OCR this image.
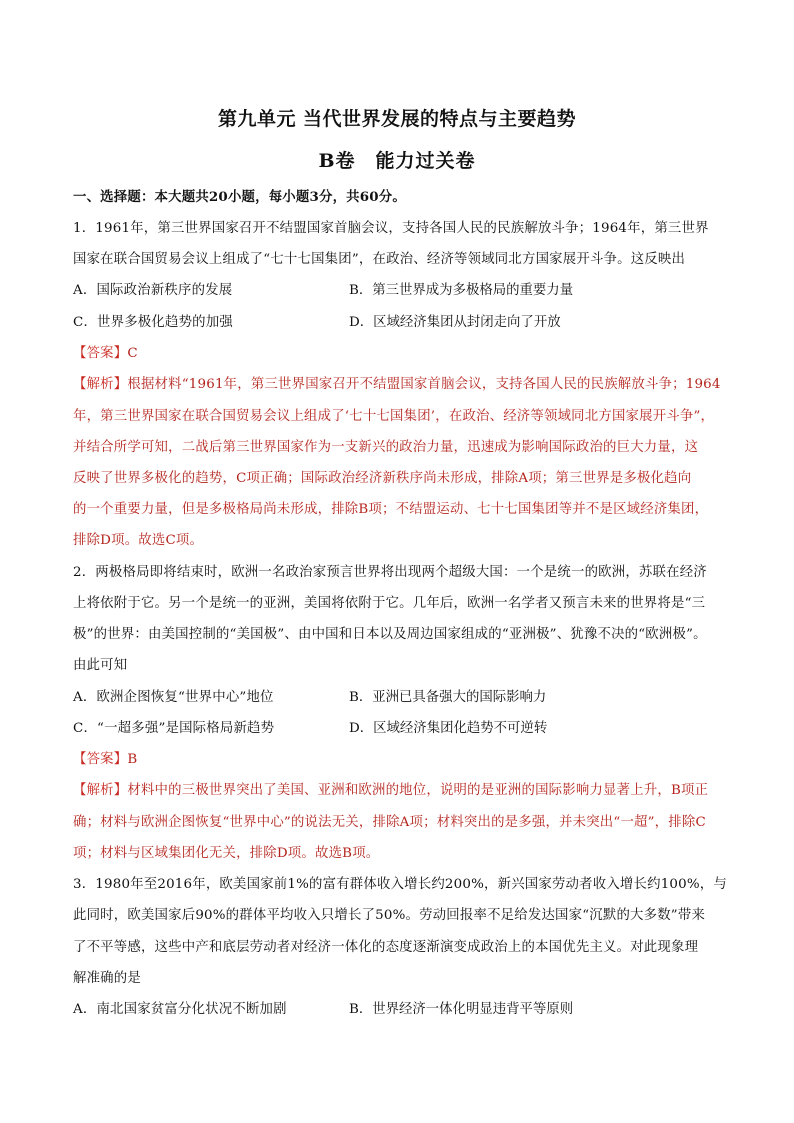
第九单元 当代世界发展的特点与主要趋势
B卷　能力过关卷
一、选择题：本大题共20小题，每小题3分，共60分。
1．1961年，第三世界国家召开不结盟国家首脑会议，支持各国人民的民族解放斗争；1964年，第三世界
国家在联合国贸易会议上组成了“七十七国集团”，在政治、经济等领域同北方国家展开斗争。这反映出
A．国际政治新秩序的发展	B．第三世界成为多极格局的重要力量
C．世界多极化趋势的加强	D．区域经济集团从封闭走向了开放
【答案】C
【解析】根据材料“1961年，第三世界国家召开不结盟国家首脑会议，支持各国人民的民族解放斗争；1964
年，第三世界国家在联合国贸易会议上组成了‘七十七国集团’，在政治、经济等领域同北方国家展开斗争”，
并结合所学可知，二战后第三世界国家作为一支新兴的政治力量，迅速成为影响国际政治的巨大力量，这
反映了世界多极化的趋势，C项正确；国际政治经济新秩序尚未形成，排除A项；第三世界是多极化趋向
的一个重要力量，但是多极格局尚未形成，排除B项；不结盟运动、七十七国集团等并不是区域经济集团，
排除D项。故选C项。
2．两极格局即将结束时，欧洲一名政治家预言世界将出现两个超级大国：一个是统一的欧洲，苏联在经济
上将依附于它。另一个是统一的亚洲，美国将依附于它。几年后，欧洲一名学者又预言未来的世界将是“三
极”的世界：由美国控制的“美国极”、由中国和日本以及周边国家组成的“亚洲极”、犹豫不决的“欧洲极”。
由此可知
A．欧洲企图恢复“世界中心”地位	B．亚洲已具备强大的国际影响力
C．“一超多强”是国际格局新趋势	D．区域经济集团化趋势不可逆转
【答案】B
【解析】材料中的三极世界突出了美国、亚洲和欧洲的地位，说明的是亚洲的国际影响力显著上升，B项正
确；材料与欧洲企图恢复“世界中心”的说法无关，排除A项；材料突出的是多强，并未突出“一超”，排除C
项；材料与区域集团化无关，排除D项。故选B项。
3．1980年至2016年，欧美国家前1%的富有群体收入增长约200%，新兴国家劳动者收入增长约100%，与
此同时，欧美国家后90%的群体平均收入只增长了50%。劳动回报率不足给发达国家“沉默的大多数”带来
了不平等感，这些中产和底层劳动者对经济一体化的态度逐渐演变成政治上的本国优先主义。对此现象理
解准确的是
A．南北国家贫富分化状况不断加剧	B．世界经济一体化明显违背平等原则
